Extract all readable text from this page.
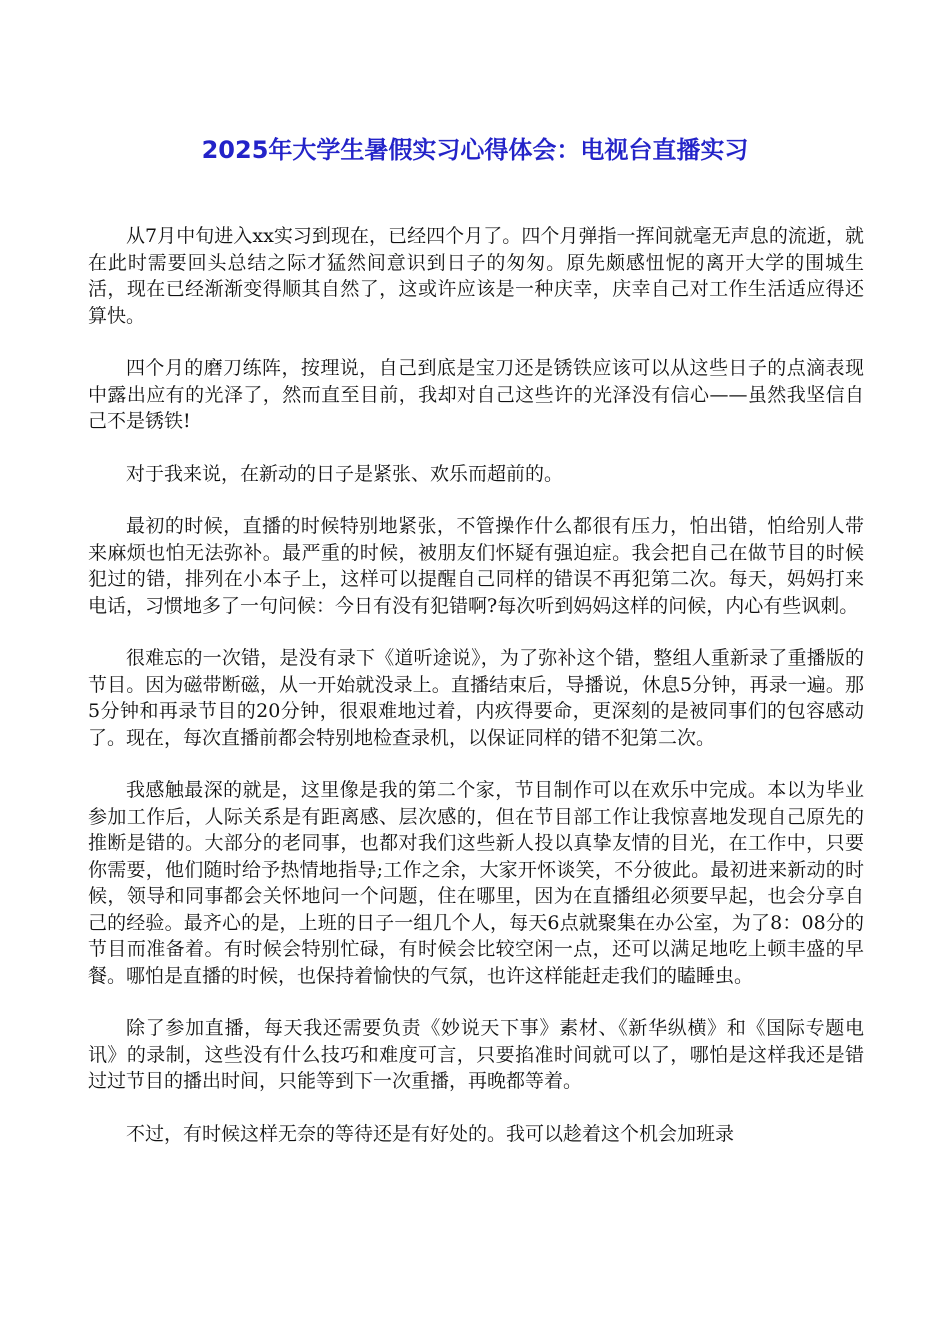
2025年大学生暑假实习心得体会：电视台直播实习

从7月中旬进入xx实习到现在，已经四个月了。四个月弹指一挥间就毫无声息的流逝，就在此时需要回头总结之际才猛然间意识到日子的匆匆。原先颇感忸怩的离开大学的围城生活，现在已经渐渐变得顺其自然了，这或许应该是一种庆幸，庆幸自己对工作生活适应得还算快。

四个月的磨刀练阵，按理说，自己到底是宝刀还是锈铁应该可以从这些日子的点滴表现中露出应有的光泽了，然而直至目前，我却对自己这些许的光泽没有信心——虽然我坚信自己不是锈铁!

对于我来说，在新动的日子是紧张、欢乐而超前的。

最初的时候，直播的时候特别地紧张，不管操作什么都很有压力，怕出错，怕给别人带来麻烦也怕无法弥补。最严重的时候，被朋友们怀疑有强迫症。我会把自己在做节目的时候犯过的错，排列在小本子上，这样可以提醒自己同样的错误不再犯第二次。每天，妈妈打来电话，习惯地多了一句问候：今日有没有犯错啊?每次听到妈妈这样的问候，内心有些讽刺。

很难忘的一次错，是没有录下《道听途说》，为了弥补这个错，整组人重新录了重播版的节目。因为磁带断磁，从一开始就没录上。直播结束后，导播说，休息5分钟，再录一遍。那5分钟和再录节目的20分钟，很艰难地过着，内疚得要命，更深刻的是被同事们的包容感动了。现在，每次直播前都会特别地检查录机，以保证同样的错不犯第二次。

我感触最深的就是，这里像是我的第二个家，节目制作可以在欢乐中完成。本以为毕业参加工作后，人际关系是有距离感、层次感的，但在节目部工作让我惊喜地发现自己原先的推断是错的。大部分的老同事，也都对我们这些新人投以真挚友情的目光，在工作中，只要你需要，他们随时给予热情地指导;工作之余，大家开怀谈笑，不分彼此。最初进来新动的时候，领导和同事都会关怀地问一个问题，住在哪里，因为在直播组必须要早起，也会分享自己的经验。最齐心的是，上班的日子一组几个人，每天6点就聚集在办公室，为了8：08分的节目而准备着。有时候会特别忙碌，有时候会比较空闲一点，还可以满足地吃上顿丰盛的早餐。哪怕是直播的时候，也保持着愉快的气氛，也许这样能赶走我们的瞌睡虫。

除了参加直播，每天我还需要负责《妙说天下事》素材、《新华纵横》和《国际专题电讯》的录制，这些没有什么技巧和难度可言，只要掐准时间就可以了，哪怕是这样我还是错过过节目的播出时间，只能等到下一次重播，再晚都等着。

不过，有时候这样无奈的等待还是有好处的。我可以趁着这个机会加班录
